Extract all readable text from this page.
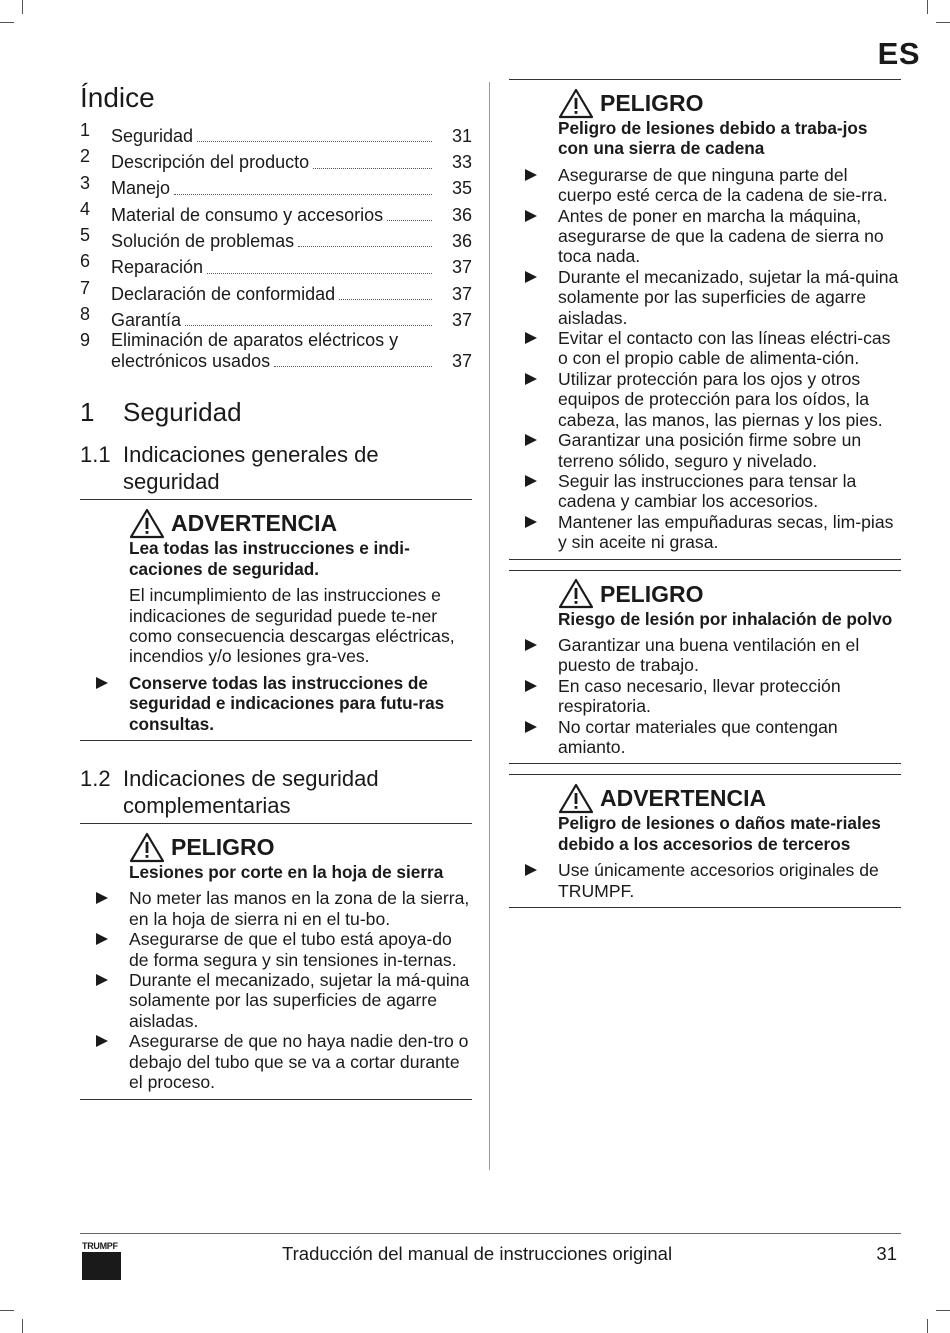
ES
Índice
1	Seguridad	31
2	Descripción del producto	33
3	Manejo	35
4	Material de consumo y accesorios	36
5	Solución de problemas	36
6	Reparación	37
7	Declaración de conformidad	37
8	Garantía	37
9	Eliminación de aparatos eléctricos y
electrónicos usados	37
1	Seguridad
1.1 Indicaciones generales de
seguridad
ADVERTENCIA
Lea todas las instrucciones e indi-caciones de seguridad.
El incumplimiento de las instrucciones e indicaciones de seguridad puede te-ner como consecuencia descargas eléctricas, incendios y/o lesiones gra-ves.
Conserve todas las instrucciones de seguridad e indicaciones para futu-ras consultas.
1.2 Indicaciones de seguridad
complementarias
PELIGRO
Lesiones por corte en la hoja de sierra
No meter las manos en la zona de la sierra, en la hoja de sierra ni en el tu-bo.
Asegurarse de que el tubo está apoya-do de forma segura y sin tensiones in-ternas.
Durante el mecanizado, sujetar la má-quina solamente por las superficies de agarre aisladas.
Asegurarse de que no haya nadie den-tro o debajo del tubo que se va a cortar durante el proceso.
PELIGRO
Peligro de lesiones debido a traba-jos con una sierra de cadena
Asegurarse de que ninguna parte del cuerpo esté cerca de la cadena de sie-rra.
Antes de poner en marcha la máquina, asegurarse de que la cadena de sierra no toca nada.
Durante el mecanizado, sujetar la má-quina solamente por las superficies de agarre aisladas.
Evitar el contacto con las líneas eléctri-cas o con el propio cable de alimenta-ción.
Utilizar protección para los ojos y otros equipos de protección para los oídos, la cabeza, las manos, las piernas y los pies.
Garantizar una posición firme sobre un terreno sólido, seguro y nivelado.
Seguir las instrucciones para tensar la cadena y cambiar los accesorios.
Mantener las empuñaduras secas, lim-pias y sin aceite ni grasa.
PELIGRO
Riesgo de lesión por inhalación de polvo
Garantizar una buena ventilación en el puesto de trabajo.
En caso necesario, llevar protección respiratoria.
No cortar materiales que contengan amianto.
ADVERTENCIA
Peligro de lesiones o daños mate-riales debido a los accesorios de terceros
Use únicamente accesorios originales de TRUMPF.
TRUMPF	Traducción del manual de instrucciones original	31
